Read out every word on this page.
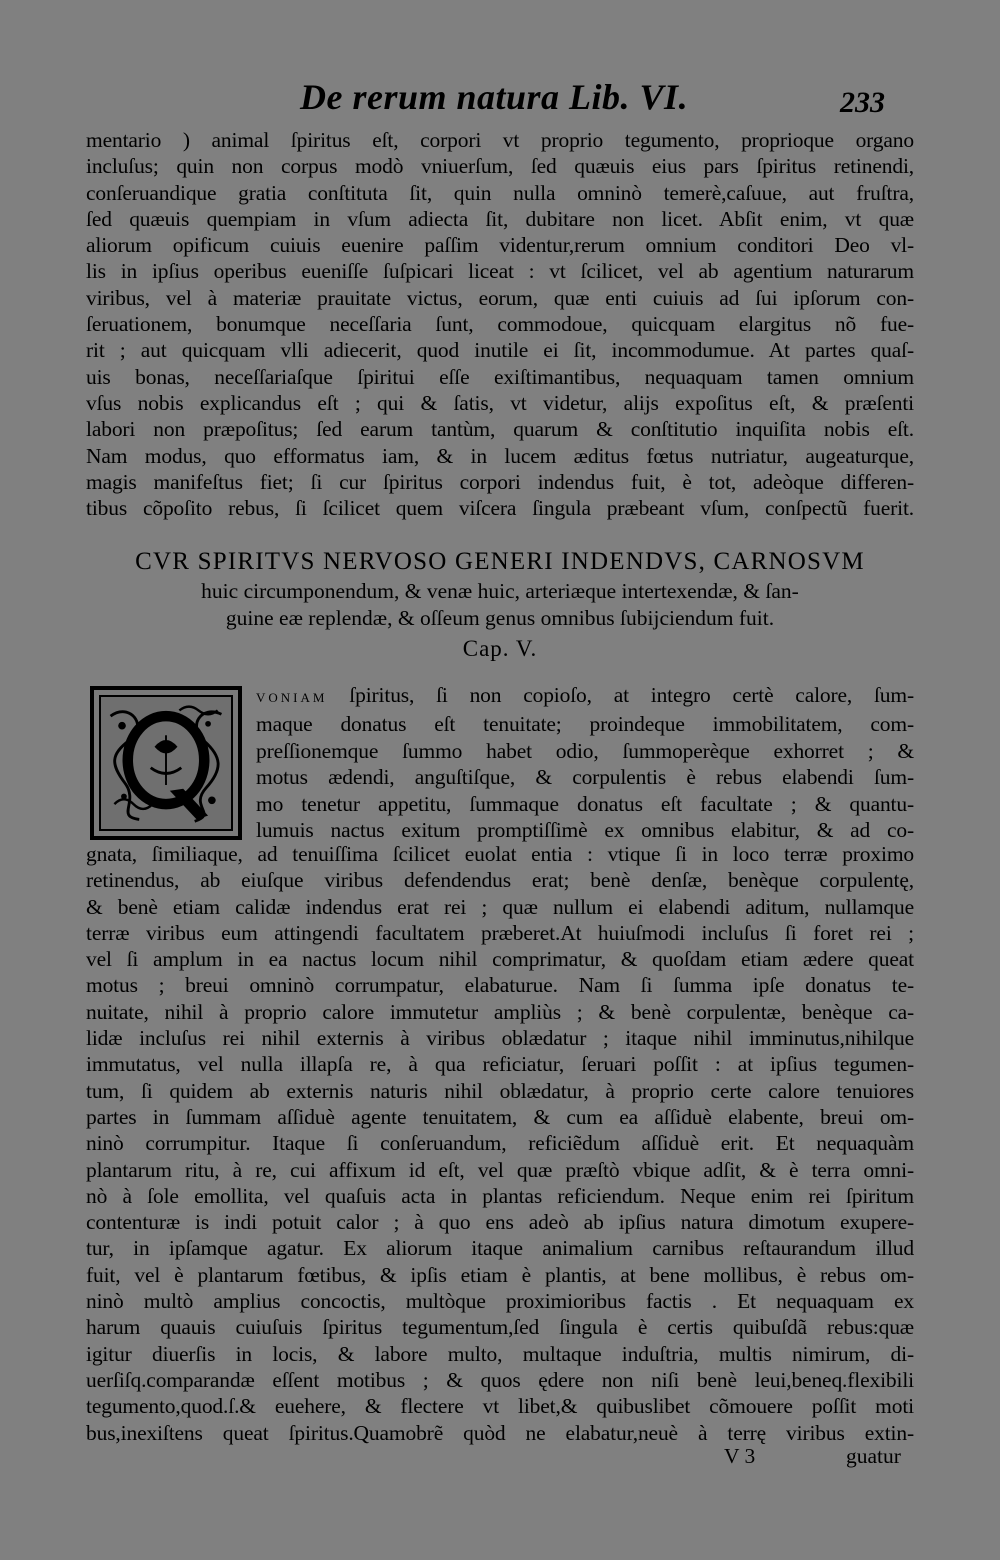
De rerum natura Lib. VI.	233
mentario ) animal ſpiritus eſt, corpori vt proprio tegumento, proprioque organo
incluſus; quin non corpus modò vniuerſum, ſed quæuis eius pars ſpiritus retinendi,
conſeruandique gratia conſtituta ſit, quin nulla omninò temerè,caſuue, aut fruſtra,
ſed quæuis quempiam in vſum adiecta ſit, dubitare non licet. Abſit enim, vt quæ
aliorum opificum cuiuis euenire paſſim videntur,rerum omnium conditori Deo vl-
lis in ipſius operibus eueniſſe ſuſpicari liceat : vt ſcilicet, vel ab agentium naturarum
viribus, vel à materiæ prauitate victus, eorum, quæ enti cuiuis ad ſui ipſorum con-
ſeruationem, bonumque neceſſaria ſunt, commodoue, quicquam elargitus nõ fue-
rit ; aut quicquam vlli adiecerit, quod inutile ei ſit, incommodumue. At partes quaſ-
uis bonas, neceſſariaſque ſpiritui eſſe exiſtimantibus, nequaquam tamen omnium
vſus nobis explicandus eſt ; qui & ſatis, vt videtur, alijs expoſitus eſt, & præſenti
labori non præpoſitus; ſed earum tantùm, quarum & conſtitutio inquiſita nobis eſt.
Nam modus, quo efformatus iam, & in lucem æditus fœtus nutriatur, augeaturque,
magis manifeſtus fiet; ſi cur ſpiritus corpori indendus fuit, è tot, adeòque differen-
tibus cõpoſito rebus, ſi ſcilicet quem viſcera ſingula præbeant vſum, conſpectũ fuerit.
CVR SPIRITVS NERVOSO GENERI INDENDVS, CARNOSVM
huic circumponendum, & venæ huic, arteriæque intertexendæ, & ſan-
guine eæ replendæ, & oſſeum genus omnibus ſubijciendum fuit.
Cap. V.
VONIAM ſpiritus, ſi non copioſo, at integro certè calore, ſum-
maque donatus eſt tenuitate; proindeque immobilitatem, com-
preſſionemque ſummo habet odio, ſummoperèque exhorret ; &
motus ædendi, anguſtiſque, & corpulentis è rebus elabendi ſum-
mo tenetur appetitu, ſummaque donatus eſt facultate ; & quantu-
lumuis nactus exitum promptiſſimè ex omnibus elabitur, & ad co-
gnata, ſimiliaque, ad tenuiſſima ſcilicet euolat entia : vtique ſi in loco terræ proximo
retinendus, ab eiuſque viribus defendendus erat; benè denſæ, benèque corpulentę,
& benè etiam calidæ indendus erat rei ; quæ nullum ei elabendi aditum, nullamque
terræ viribus eum attingendi facultatem præberet.At huiuſmodi incluſus ſi foret rei ;
vel ſi amplum in ea nactus locum nihil comprimatur, & quoſdam etiam ædere queat
motus ; breui omninò corrumpatur, elabaturue. Nam ſi ſumma ipſe donatus te-
nuitate, nihil à proprio calore immutetur ampliùs ; & benè corpulentæ, benèque ca-
lidæ incluſus rei nihil externis à viribus oblædatur ; itaque nihil imminutus,nihilque
immutatus, vel nulla illapſa re, à qua reficiatur, ſeruari poſſit : at ipſius tegumen-
tum, ſi quidem ab externis naturis nihil oblædatur, à proprio certe calore tenuiores
partes in ſummam aſſiduè agente tenuitatem, & cum ea aſſiduè elabente, breui om-
ninò corrumpitur. Itaque ſi conſeruandum, reficiẽdum aſſiduè erit. Et nequaquàm
plantarum ritu, à re, cui affixum id eſt, vel quæ præſtò vbique adſit, & è terra omni-
nò à ſole emollita, vel quaſuis acta in plantas reficiendum. Neque enim rei ſpiritum
contenturæ is indi potuit calor ; à quo ens adeò ab ipſius natura dimotum exupere-
tur, in ipſamque agatur. Ex aliorum itaque animalium carnibus reſtaurandum illud
fuit, vel è plantarum fœtibus, & ipſis etiam è plantis, at bene mollibus, è rebus om-
ninò multò amplius concoctis, multòque proximioribus factis . Et nequaquam ex
harum quauis cuiuſuis ſpiritus tegumentum,ſed ſingula è certis quibuſdã rebus:quæ
igitur diuerſis in locis, & labore multo, multaque induſtria, multis nimirum, di-
uerſiſq.comparandæ eſſent motibus ; & quos ędere non niſi benè leui,beneq.flexibili
tegumento,quod.ſ.& euehere, & flectere vt libet,& quibuslibet cõmouere poſſit moti
bus,inexiſtens queat ſpiritus.Quamobrẽ quòd ne elabatur,neuè à terrę viribus extin-
V 3	guatur
